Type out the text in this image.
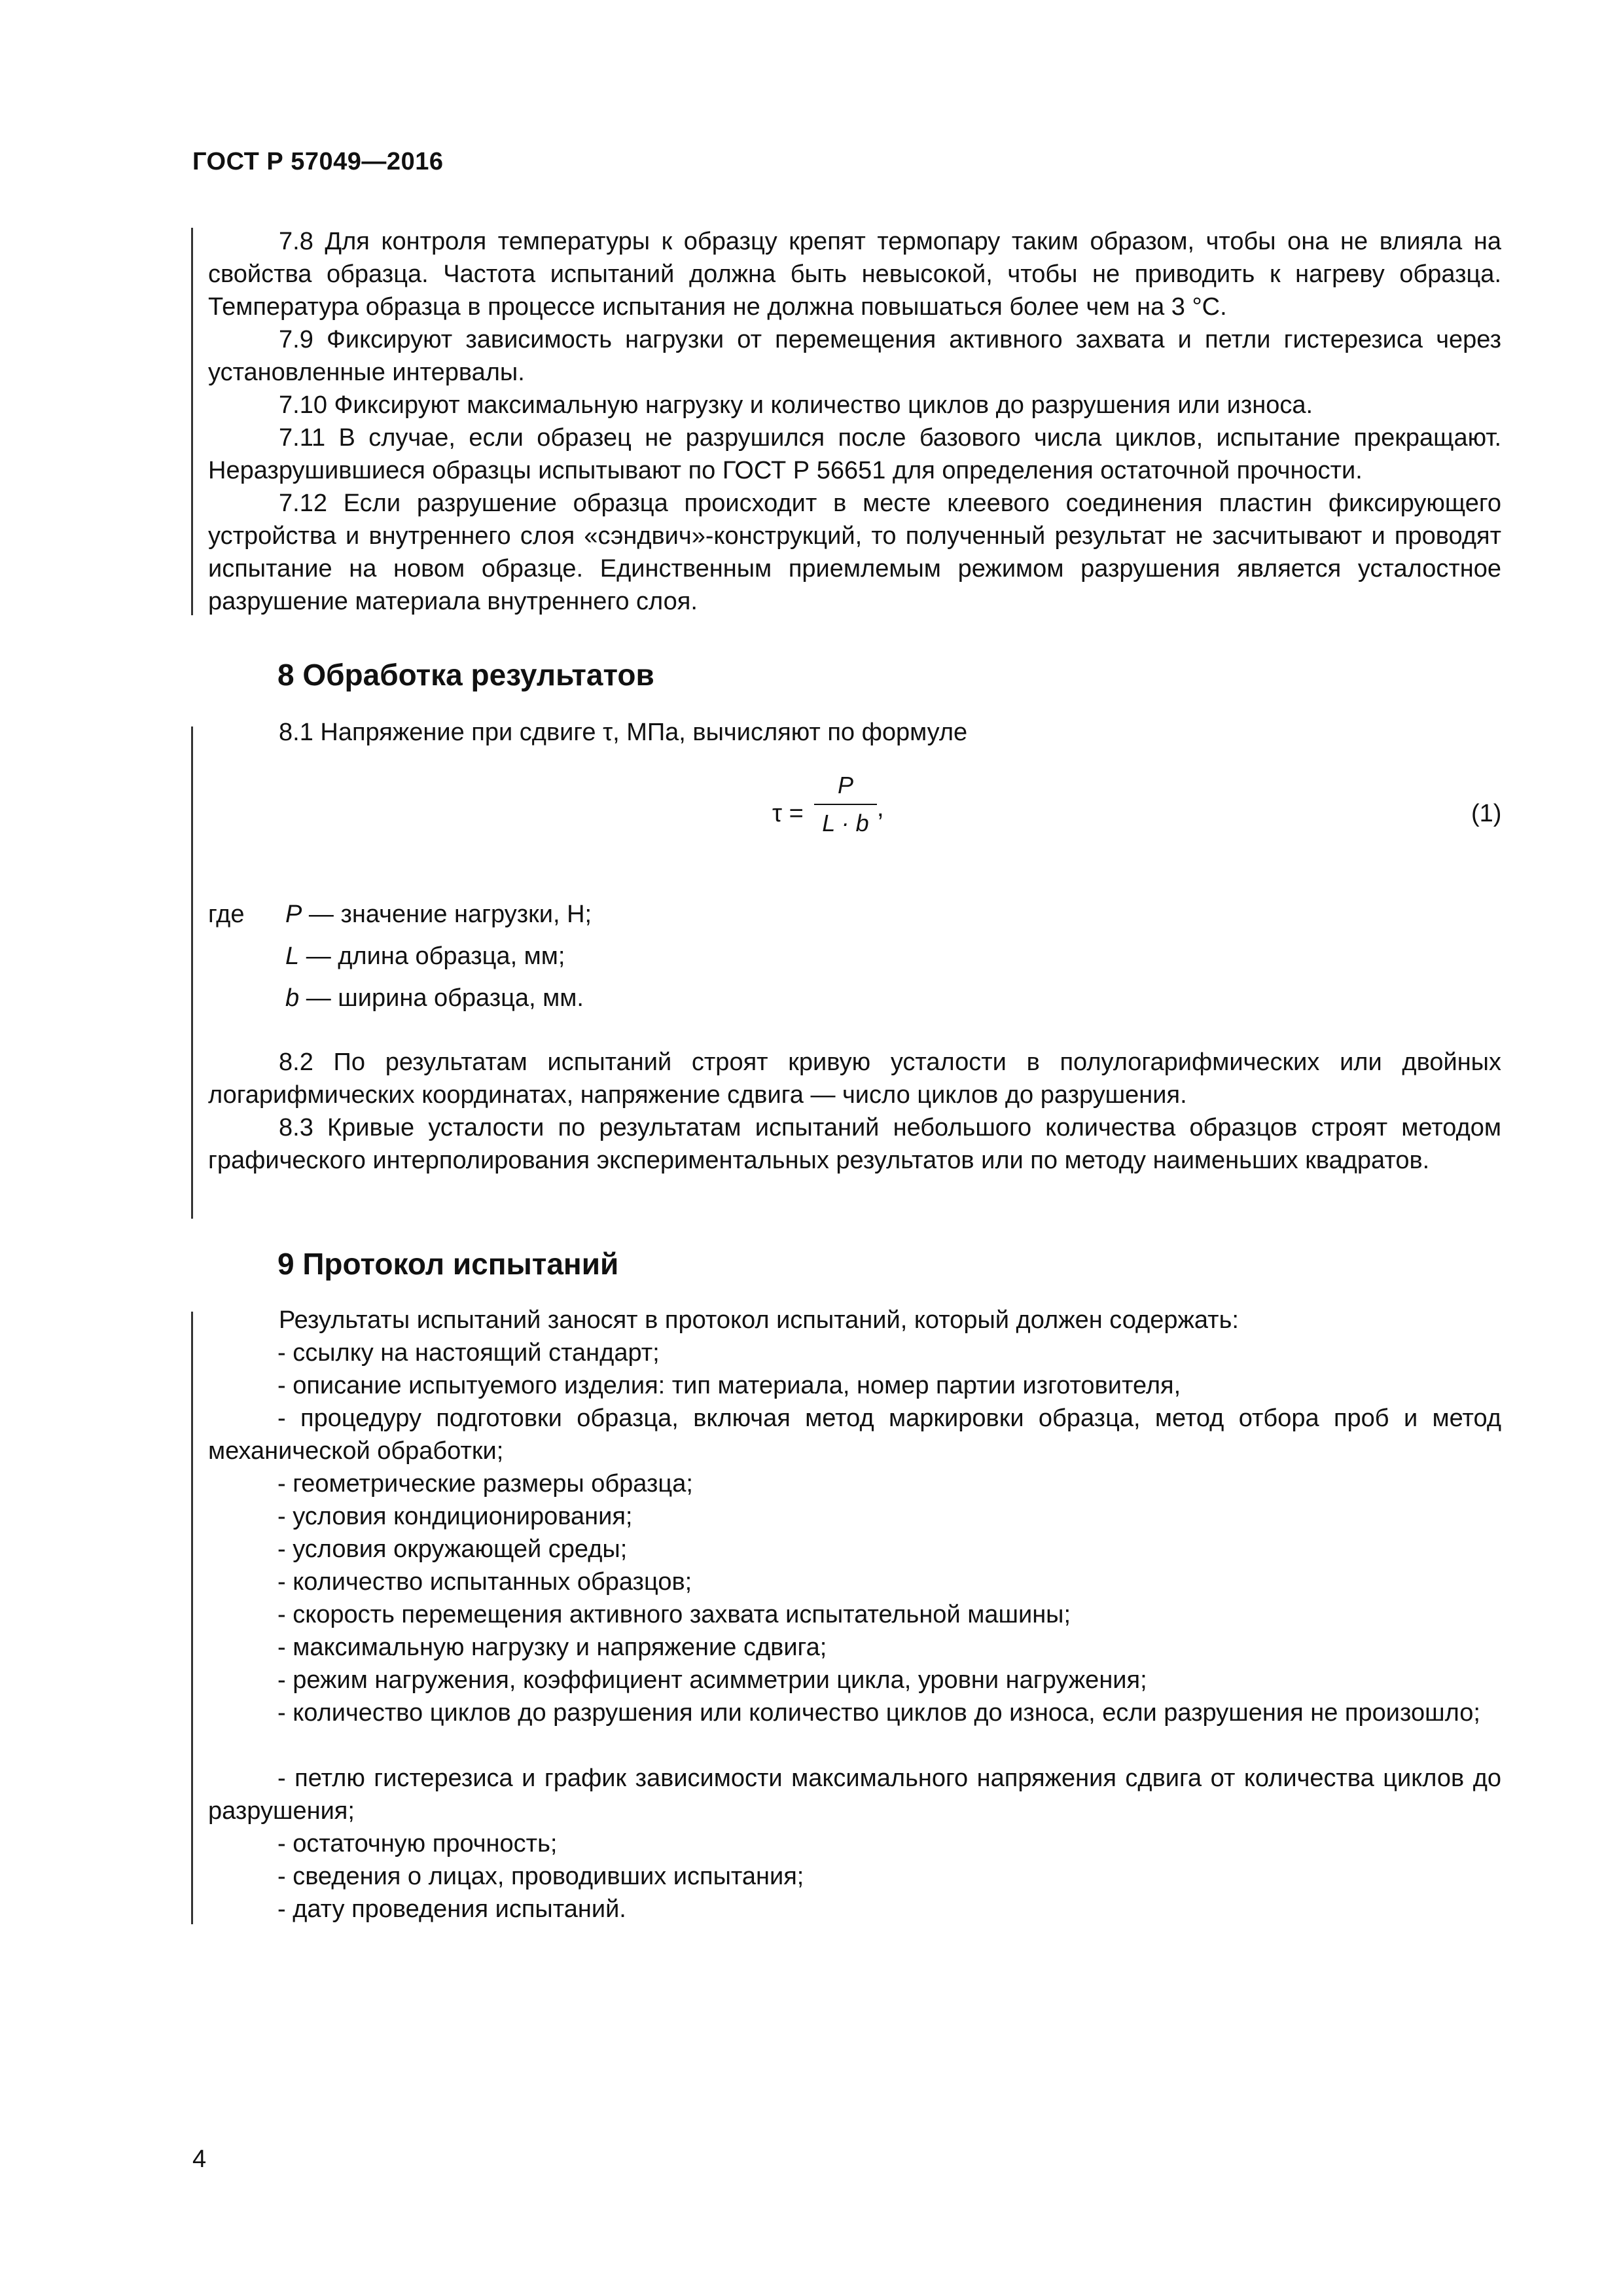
ГОСТ Р 57049—2016
7.8 Для контроля температуры к образцу крепят термопару таким образом, чтобы она не влияла на свойства образца. Частота испытаний должна быть невысокой, чтобы не приводить к нагреву образца. Температура образца в процессе испытания не должна повышаться более чем на 3 °С.
7.9 Фиксируют зависимость нагрузки от перемещения активного захвата и петли гистерезиса через установленные интервалы.
7.10 Фиксируют максимальную нагрузку и количество циклов до разрушения или износа.
7.11 В случае, если образец не разрушился после базового числа циклов, испытание прекращают. Неразрушившиеся образцы испытывают по ГОСТ Р 56651 для определения остаточной прочности.
7.12 Если разрушение образца происходит в месте клеевого соединения пластин фиксирующего устройства и внутреннего слоя «сэндвич»-конструкций, то полученный результат не засчитывают и проводят испытание на новом образце. Единственным приемлемым режимом разрушения является усталостное разрушение материала внутреннего слоя.
8 Обработка результатов
8.1 Напряжение при сдвиге τ, МПа, вычисляют по формуле
τ =
P
L · b
,	(1)
где P — значение нагрузки, Н;
L — длина образца, мм;
b — ширина образца, мм.
8.2 По результатам испытаний строят кривую усталости в полулогарифмических или двойных логарифмических координатах, напряжение сдвига — число циклов до разрушения.
8.3 Кривые усталости по результатам испытаний небольшого количества образцов строят методом графического интерполирования экспериментальных результатов или по методу наименьших квадратов.
9 Протокол испытаний
Результаты испытаний заносят в протокол испытаний, который должен содержать:
- ссылку на настоящий стандарт;
- описание испытуемого изделия: тип материала, номер партии изготовителя,
- процедуру подготовки образца, включая метод маркировки образца, метод отбора проб и метод механической обработки;
- геометрические размеры образца;
- условия кондиционирования;
- условия окружающей среды;
- количество испытанных образцов;
- скорость перемещения активного захвата испытательной машины;
- максимальную нагрузку и напряжение сдвига;
- режим нагружения, коэффициент асимметрии цикла, уровни нагружения;
- количество циклов до разрушения или количество циклов до износа, если разрушения не произошло;
- петлю гистерезиса и график зависимости максимального напряжения сдвига от количества циклов до разрушения;
- остаточную прочность;
- сведения о лицах, проводивших испытания;
- дату проведения испытаний.
4
